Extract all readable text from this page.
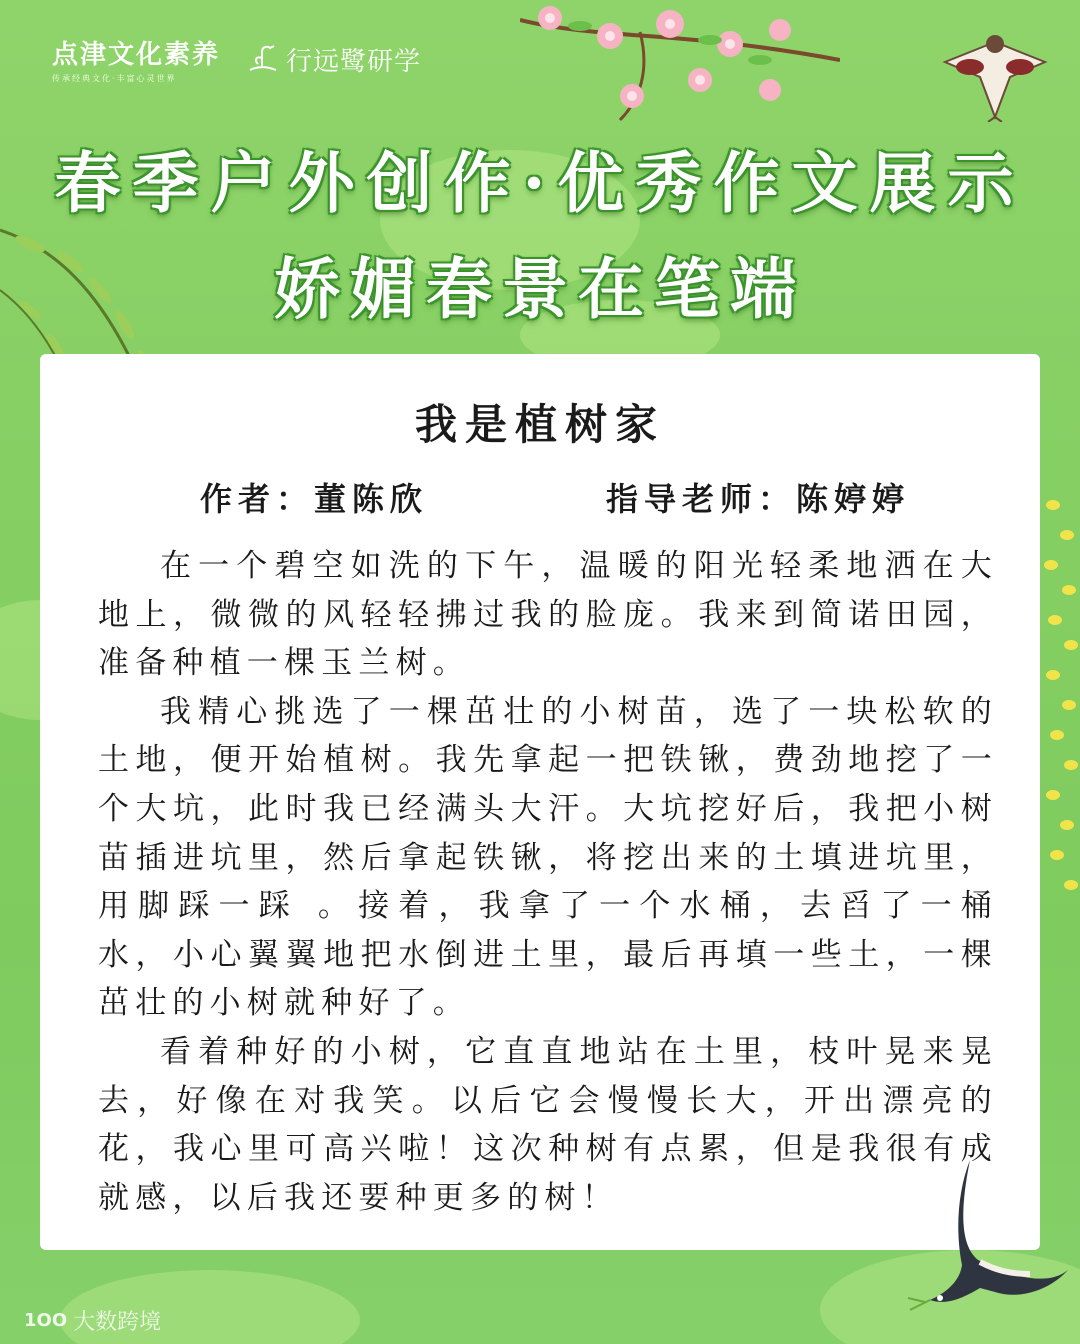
点津文化素养
传承经典文化·丰富心灵世界
行远鹭研学
春季户外创作·优秀作文展示
娇媚春景在笔端
我是植树家
作者：董陈欣	指导老师：陈婷婷

在一个碧空如洗的下午，温暖的阳光轻柔地洒在大地上，微微的风轻轻拂过我的脸庞。我来到简诺田园，准备种植一棵玉兰树。

我精心挑选了一棵茁壮的小树苗，选了一块松软的土地，便开始植树。我先拿起一把铁锹，费劲地挖了一个大坑，此时我已经满头大汗。大坑挖好后，我把小树苗插进坑里，然后拿起铁锹，将挖出来的土填进坑里，用脚踩一踩 。接着，我拿了一个水桶，去舀了一桶水，小心翼翼地把水倒进土里，最后再填一些土，一棵茁壮的小树就种好了。

看着种好的小树，它直直地站在土里，枝叶晃来晃去，好像在对我笑。以后它会慢慢长大，开出漂亮的花，我心里可高兴啦！这次种树有点累，但是我很有成就感，以后我还要种更多的树！

1OO 大数跨境
